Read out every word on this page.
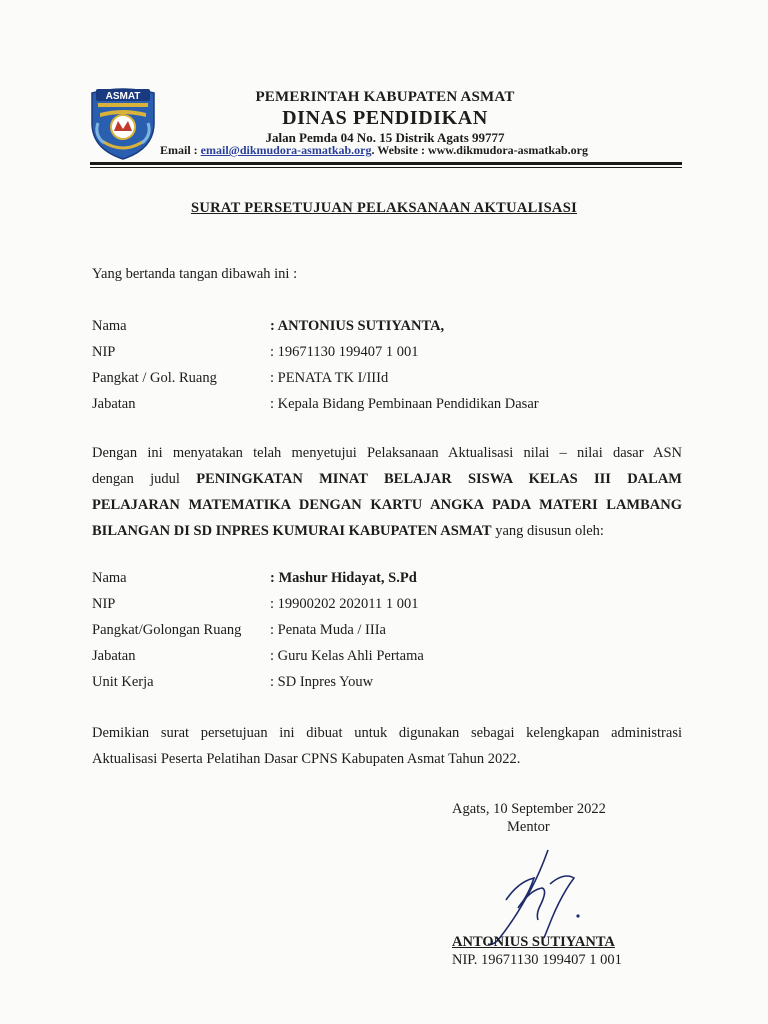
ASMAT	PEMERINTAH KABUPATEN ASMAT
DINAS PENDIDIKAN
Jalan Pemda 04 No. 15 Distrik Agats 99777
Email : email@dikmudora-asmatkab.org. Website : www.dikmudora-asmatkab.org
SURAT PERSETUJUAN PELAKSANAAN AKTUALISASI
Yang bertanda tangan dibawah ini :
Nama	: ANTONIUS SUTIYANTA,
NIP	: 19671130 199407 1 001
Pangkat / Gol. Ruang	: PENATA TK I/IIId
Jabatan	: Kepala Bidang Pembinaan Pendidikan Dasar
Dengan ini menyatakan telah menyetujui Pelaksanaan Aktualisasi nilai – nilai dasar ASN
dengan judul PENINGKATAN MINAT BELAJAR SISWA KELAS III DALAM
PELAJARAN MATEMATIKA DENGAN KARTU ANGKA PADA MATERI LAMBANG
BILANGAN DI SD INPRES KUMURAI KABUPATEN ASMAT yang disusun oleh:
Nama	: Mashur Hidayat, S.Pd
NIP	: 19900202 202011 1 001
Pangkat/Golongan Ruang : Penata Muda / IIIa
Jabatan	: Guru Kelas Ahli Pertama
Unit Kerja	: SD Inpres Youw
Demikian surat persetujuan ini dibuat untuk digunakan sebagai kelengkapan administrasi
Aktualisasi Peserta Pelatihan Dasar CPNS Kabupaten Asmat Tahun 2022.
Agats, 10 September 2022
Mentor
ANTONIUS SUTIYANTA
NIP. 19671130 199407 1 001
